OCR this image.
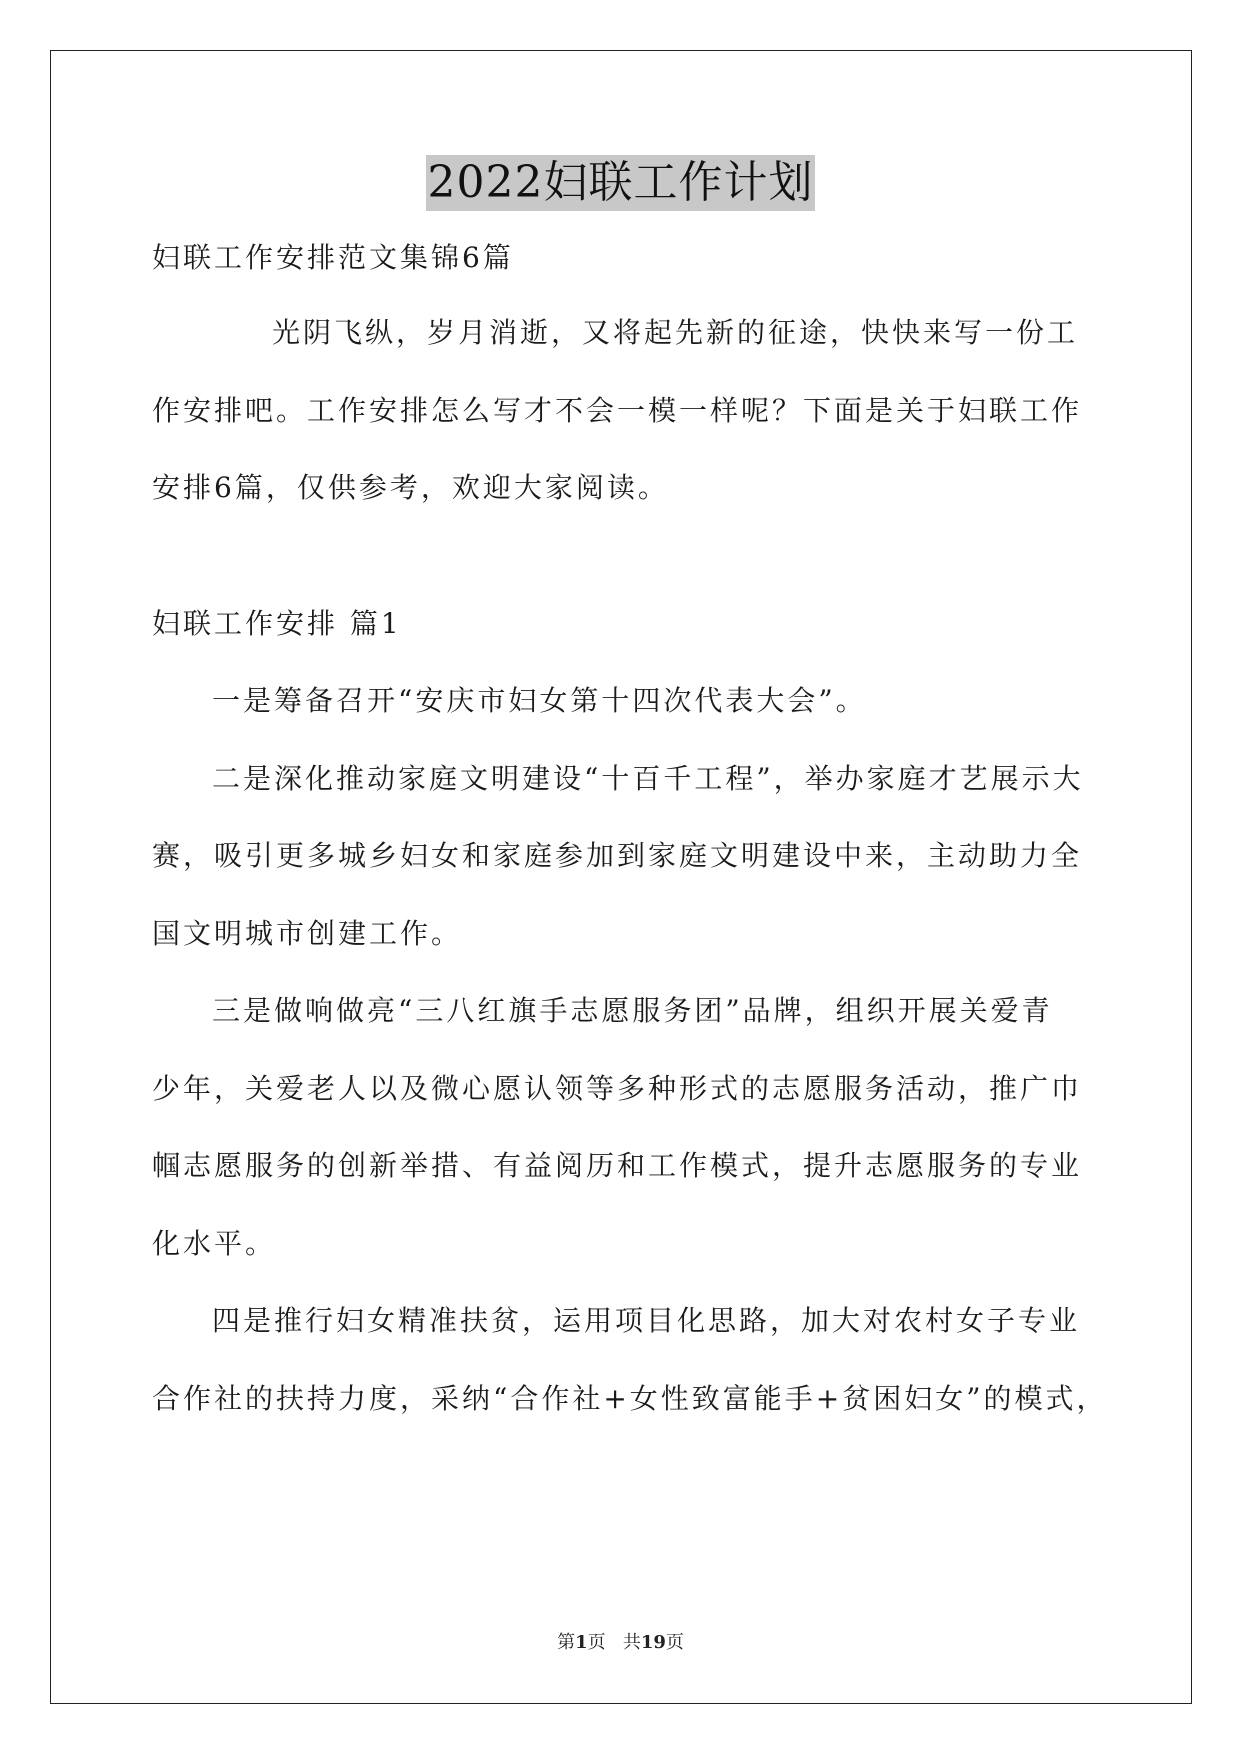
2022妇联工作计划
妇联工作安排范文集锦6篇
光阴飞纵，岁月消逝，又将起先新的征途，快快来写一份工
作安排吧。工作安排怎么写才不会一模一样呢？下面是关于妇联工作
安排6篇，仅供参考，欢迎大家阅读。
妇联工作安排 篇1
一是筹备召开“安庆市妇女第十四次代表大会”。
二是深化推动家庭文明建设“十百千工程”，举办家庭才艺展示大
赛，吸引更多城乡妇女和家庭参加到家庭文明建设中来，主动助力全
国文明城市创建工作。
三是做响做亮“三八红旗手志愿服务团”品牌，组织开展关爱青
少年，关爱老人以及微心愿认领等多种形式的志愿服务活动，推广巾
帼志愿服务的创新举措、有益阅历和工作模式，提升志愿服务的专业
化水平。
四是推行妇女精准扶贫，运用项目化思路，加大对农村女子专业
合作社的扶持力度，采纳“合作社+女性致富能手+贫困妇女”的模式，
第1页 共19页
